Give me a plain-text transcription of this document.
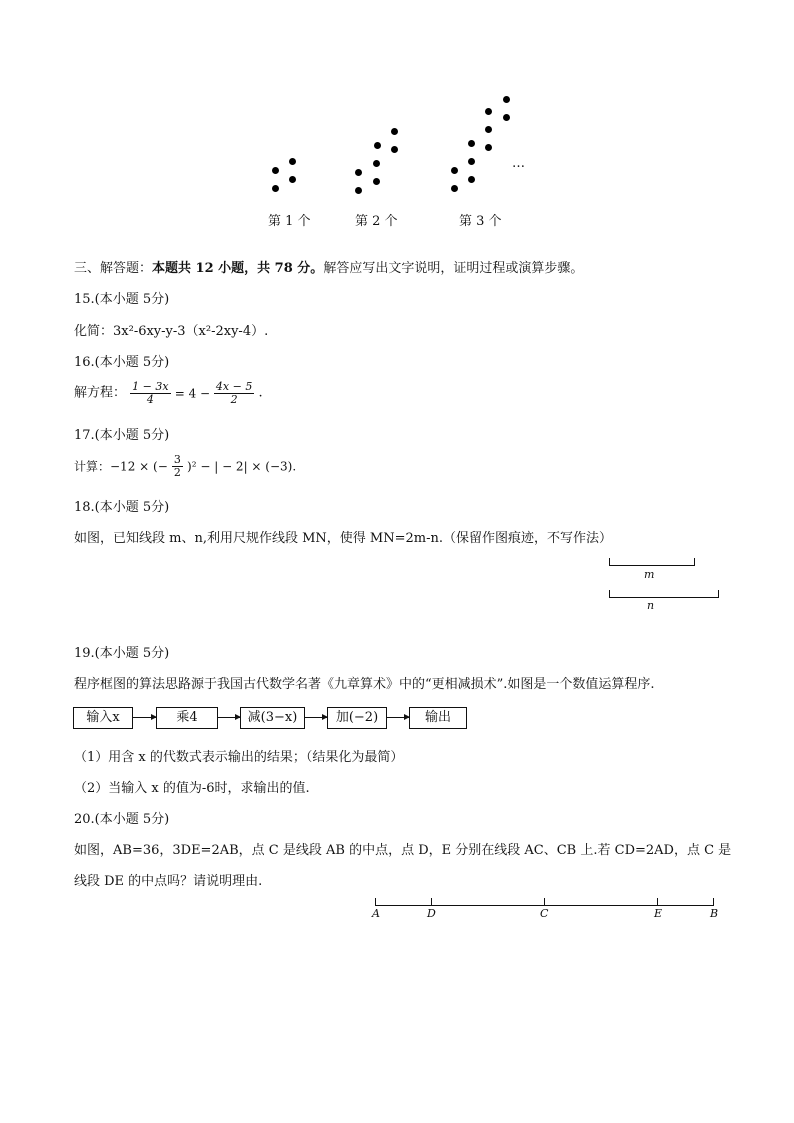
…
第 1 个	第 2 个	第 3 个
三、解答题：本题共 12 小题，共 78 分。解答应写出文字说明，证明过程或演算步骤。
15.(本小题 5分)
化简：3x²-6xy-y-3（x²-2xy-4）.
16.(本小题 5分)
解方程： $\frac{1 - 3x}{4} = 4 - \frac{4x - 5}{2}$ .
17.(本小题 5分)
计算：−12 × (− $\frac{3}{2} )^2$ − | − 2| × (−3).
18.(本小题 5分)
如图，已知线段 m、n,利用尺规作线段 MN，使得 MN=2m-n.（保留作图痕迹，不写作法）
m
n
19.(本小题 5分)
程序框图的算法思路源于我国古代数学名著《九章算术》中的“更相减损术”.如图是一个数值运算程序.
输入x	乘4	减(3−x)	加(−2)	输出
（1）用含 x 的代数式表示输出的结果；（结果化为最简）
（2）当输入 x 的值为-6时，求输出的值.
20.(本小题 5分)
如图，AB=36，3DE=2AB，点 C 是线段 AB 的中点，点 D，E 分别在线段 AC、CB 上.若 CD=2AD，点 C 是
线段 DE 的中点吗？请说明理由.
A	D	C	E	B
